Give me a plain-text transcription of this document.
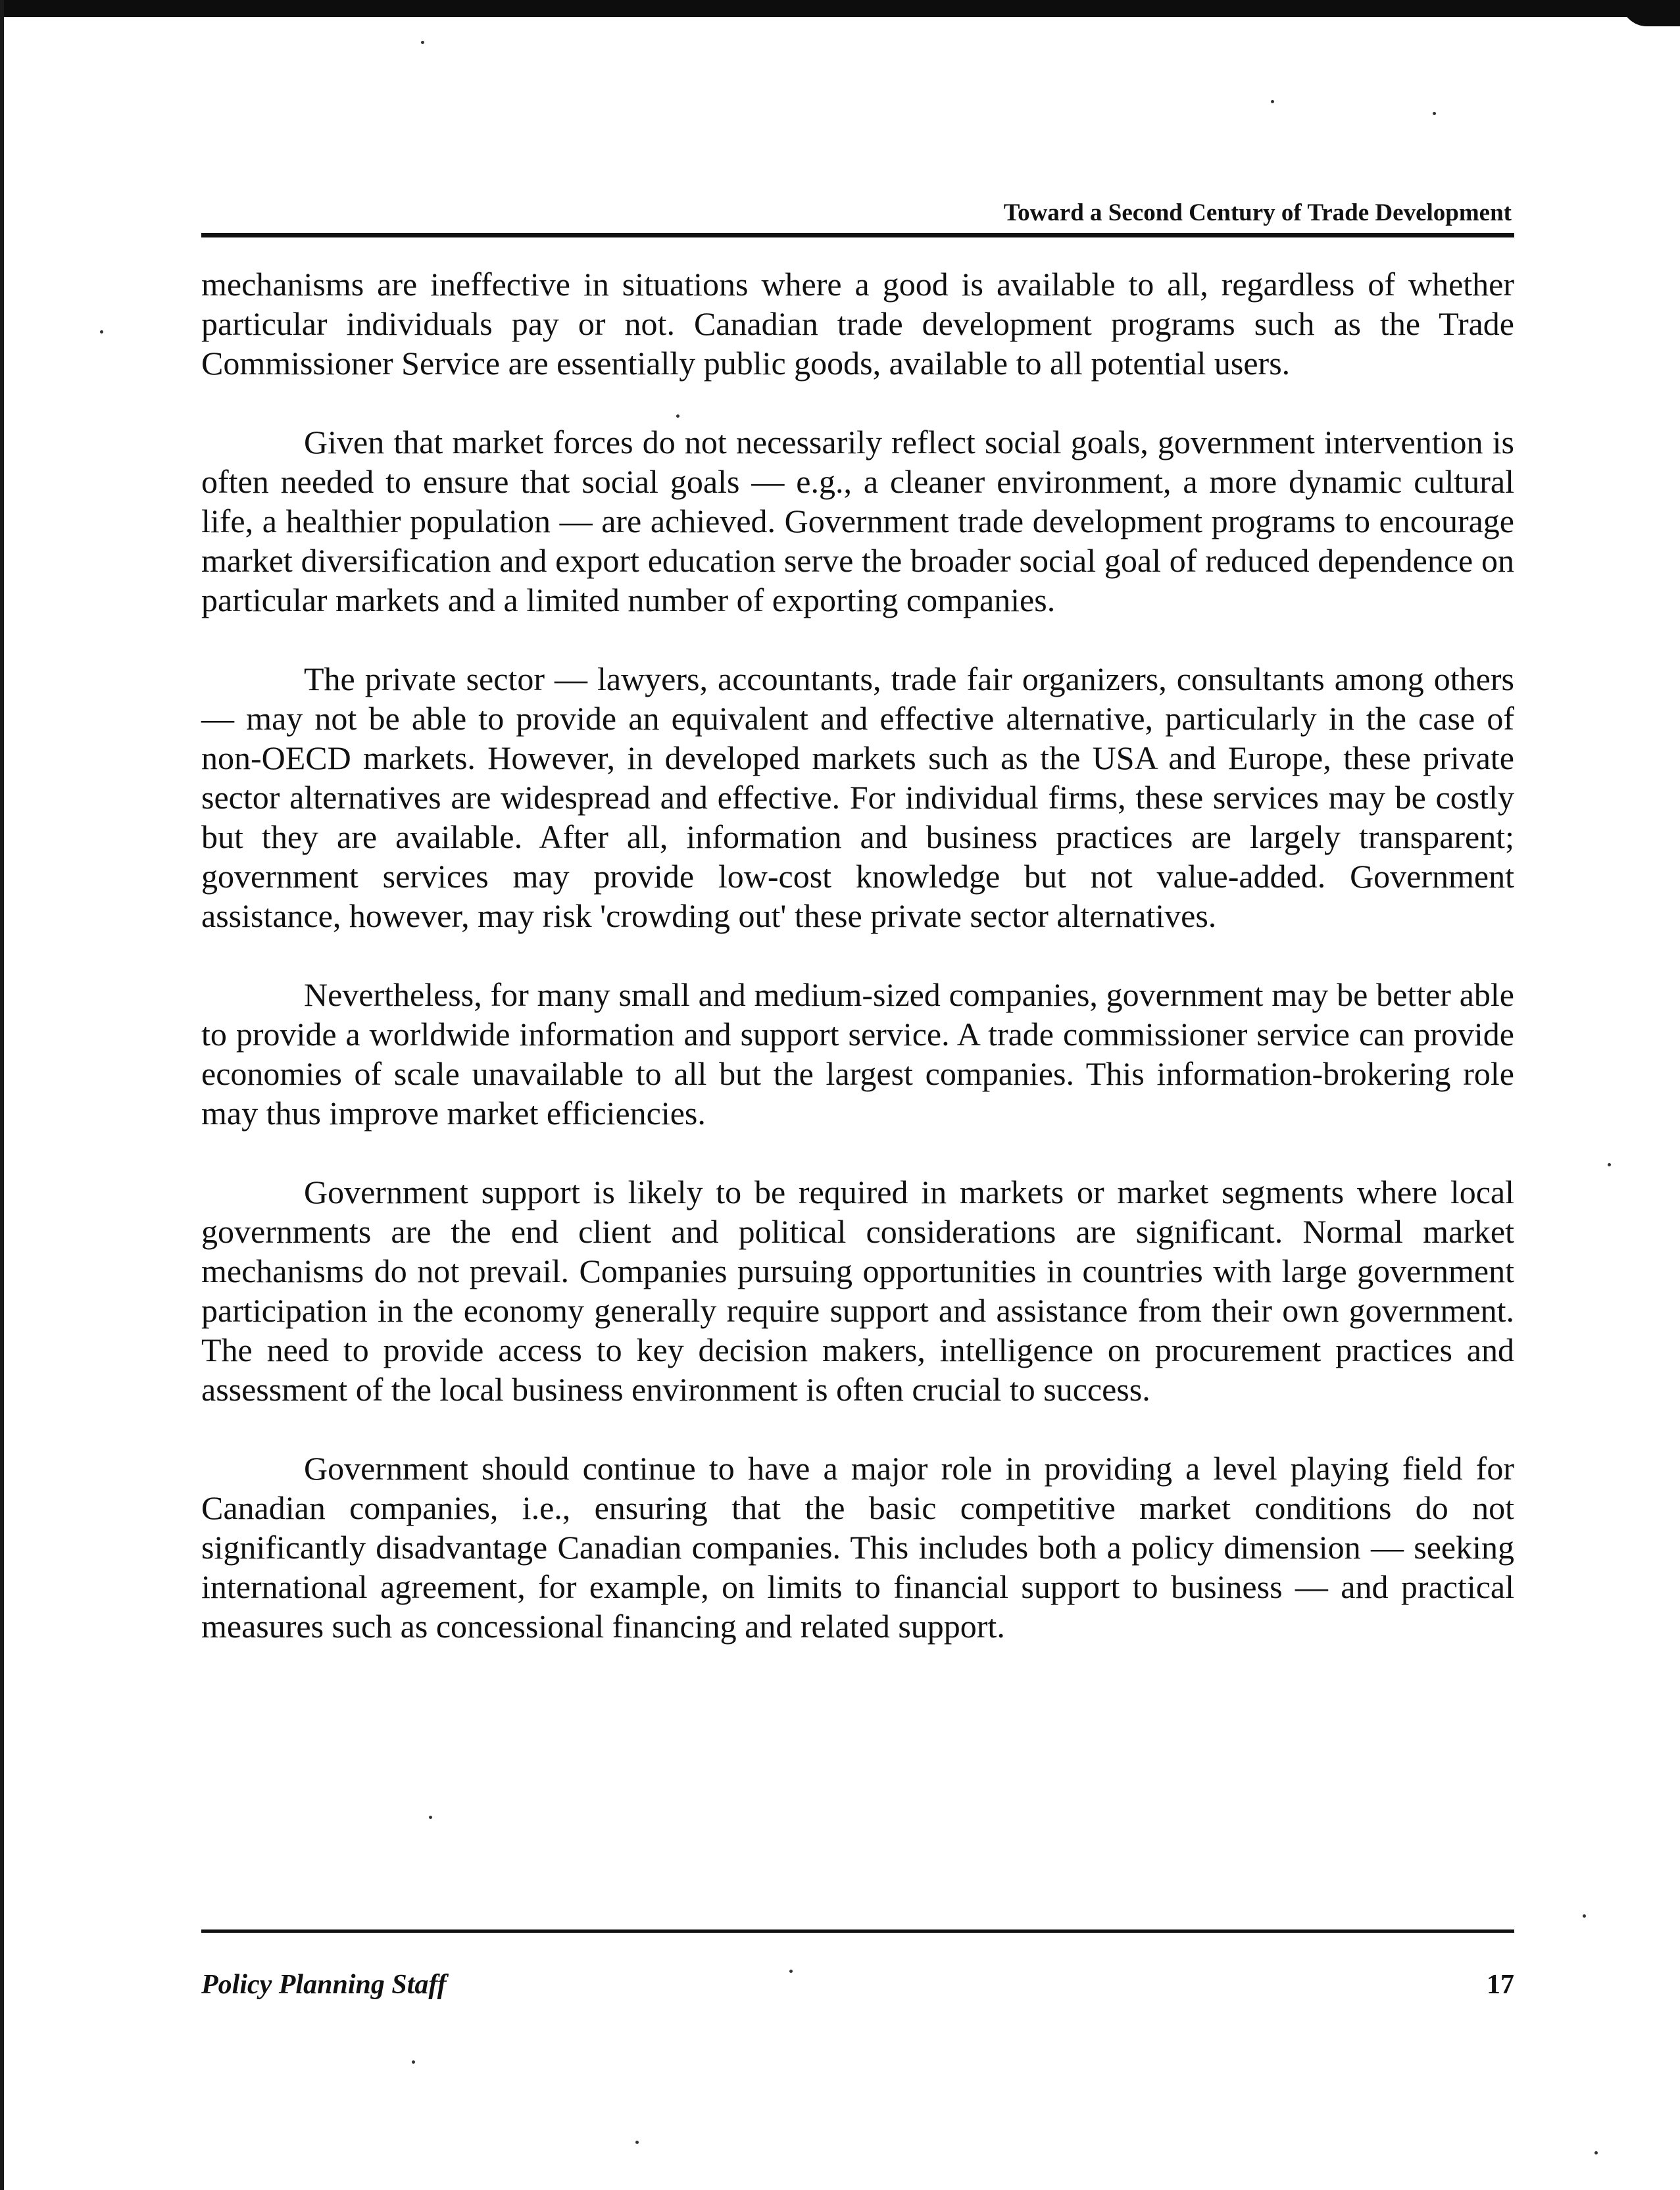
Toward a Second Century of Trade Development

mechanisms are ineffective in situations where a good is available to all, regardless of whether particular individuals pay or not. Canadian trade development programs such as the Trade Commissioner Service are essentially public goods, available to all potential users.

Given that market forces do not necessarily reflect social goals, government intervention is often needed to ensure that social goals — e.g., a cleaner environment, a more dynamic cultural life, a healthier population — are achieved. Government trade development programs to encourage market diversification and export education serve the broader social goal of reduced dependence on particular markets and a limited number of exporting companies.

The private sector — lawyers, accountants, trade fair organizers, consultants among others — may not be able to provide an equivalent and effective alternative, particularly in the case of non-OECD markets. However, in developed markets such as the USA and Europe, these private sector alternatives are widespread and effective. For individual firms, these services may be costly but they are available. After all, information and business practices are largely transparent; government services may provide low-cost knowledge but not value-added. Government assistance, however, may risk 'crowding out' these private sector alternatives.

Nevertheless, for many small and medium-sized companies, government may be better able to provide a worldwide information and support service. A trade commissioner service can provide economies of scale unavailable to all but the largest companies. This information-brokering role may thus improve market efficiencies.

Government support is likely to be required in markets or market segments where local governments are the end client and political considerations are significant. Normal market mechanisms do not prevail. Companies pursuing opportunities in countries with large government participation in the economy generally require support and assistance from their own government. The need to provide access to key decision makers, intelligence on procurement practices and assessment of the local business environment is often crucial to success.

Government should continue to have a major role in providing a level playing field for Canadian companies, i.e., ensuring that the basic competitive market conditions do not significantly disadvantage Canadian companies. This includes both a policy dimension — seeking international agreement, for example, on limits to financial support to business — and practical measures such as concessional financing and related support.

Policy Planning Staff	17
